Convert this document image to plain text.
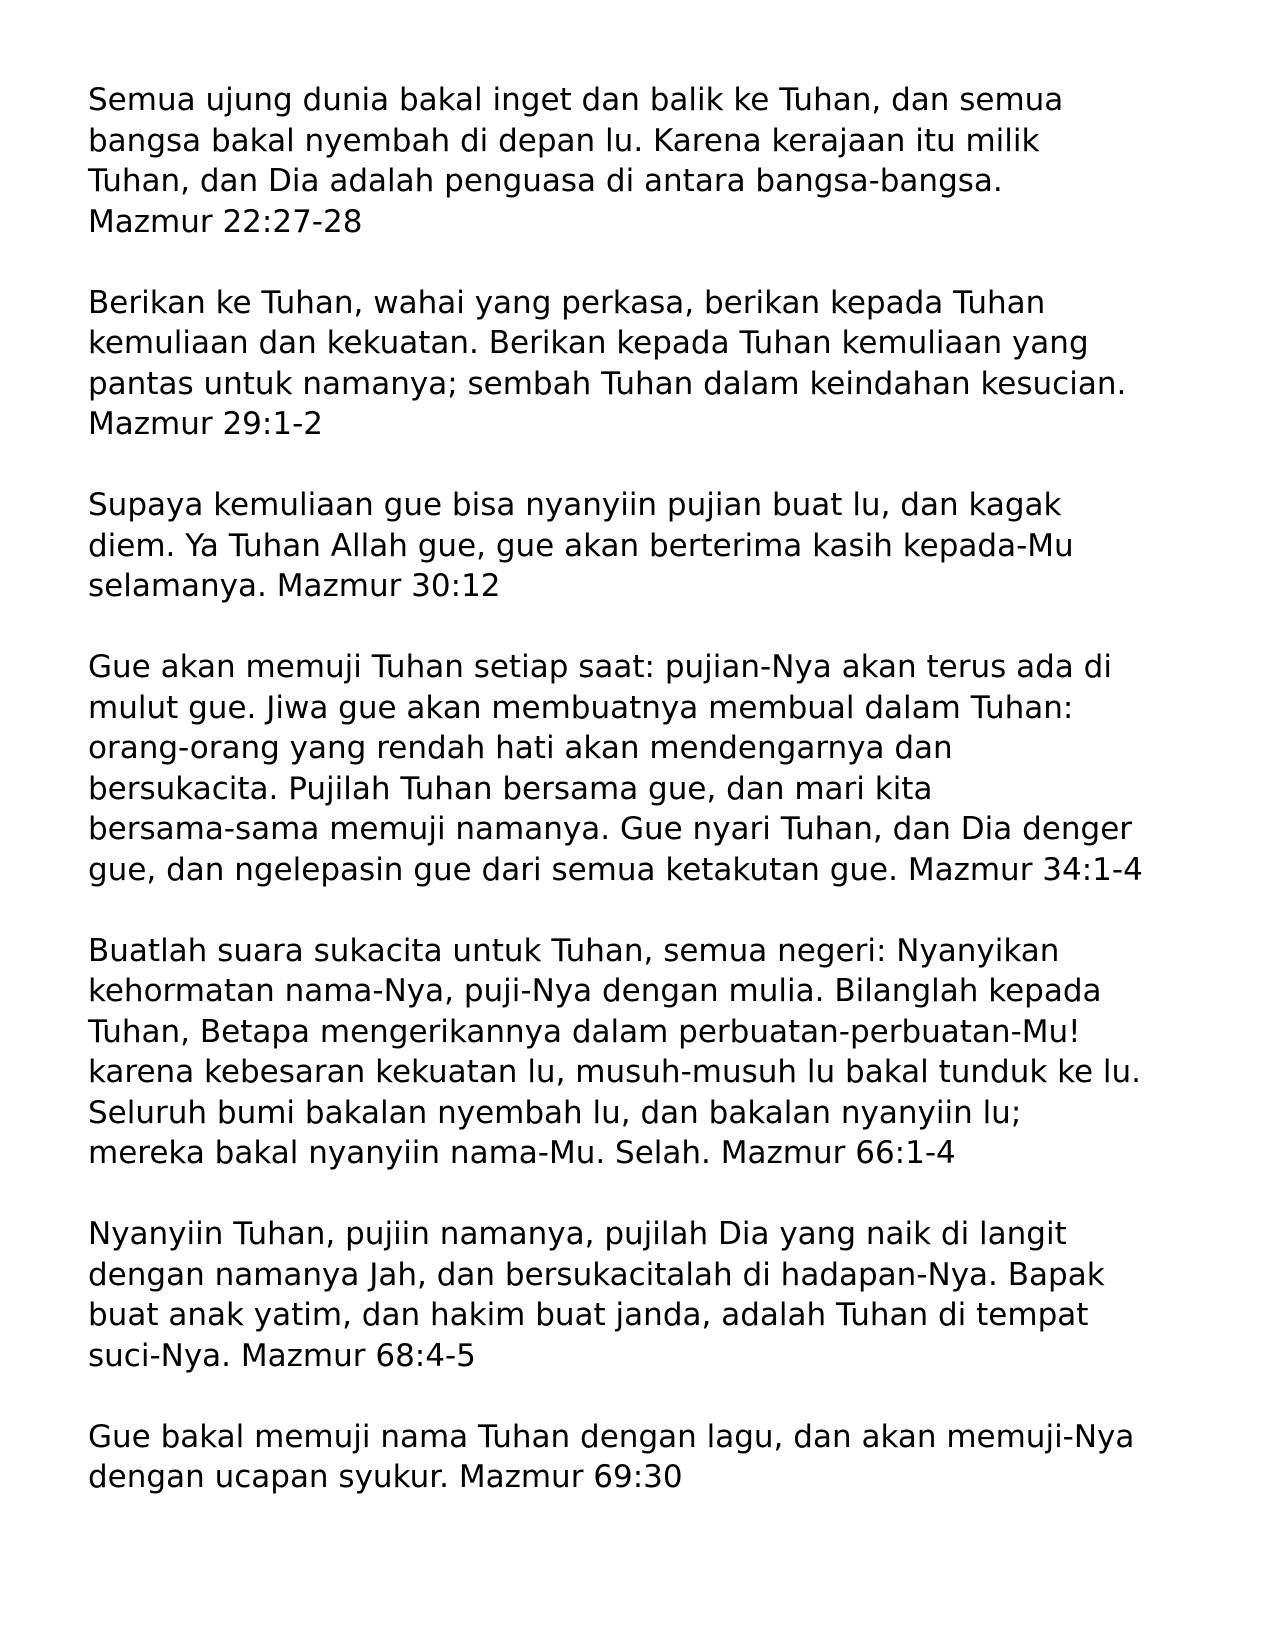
Semua ujung dunia bakal inget dan balik ke Tuhan, dan semua
bangsa bakal nyembah di depan lu. Karena kerajaan itu milik
Tuhan, dan Dia adalah penguasa di antara bangsa-bangsa.
Mazmur 22:27-28

Berikan ke Tuhan, wahai yang perkasa, berikan kepada Tuhan
kemuliaan dan kekuatan. Berikan kepada Tuhan kemuliaan yang
pantas untuk namanya; sembah Tuhan dalam keindahan kesucian.
Mazmur 29:1-2

Supaya kemuliaan gue bisa nyanyiin pujian buat lu, dan kagak
diem. Ya Tuhan Allah gue, gue akan berterima kasih kepada-Mu
selamanya. Mazmur 30:12

Gue akan memuji Tuhan setiap saat: pujian-Nya akan terus ada di
mulut gue. Jiwa gue akan membuatnya membual dalam Tuhan:
orang-orang yang rendah hati akan mendengarnya dan
bersukacita. Pujilah Tuhan bersama gue, dan mari kita
bersama-sama memuji namanya. Gue nyari Tuhan, dan Dia denger
gue, dan ngelepasin gue dari semua ketakutan gue. Mazmur 34:1-4

Buatlah suara sukacita untuk Tuhan, semua negeri: Nyanyikan
kehormatan nama-Nya, puji-Nya dengan mulia. Bilanglah kepada
Tuhan, Betapa mengerikannya dalam perbuatan-perbuatan-Mu!
karena kebesaran kekuatan lu, musuh-musuh lu bakal tunduk ke lu.
Seluruh bumi bakalan nyembah lu, dan bakalan nyanyiin lu;
mereka bakal nyanyiin nama-Mu. Selah. Mazmur 66:1-4

Nyanyiin Tuhan, pujiin namanya, pujilah Dia yang naik di langit
dengan namanya Jah, dan bersukacitalah di hadapan-Nya. Bapak
buat anak yatim, dan hakim buat janda, adalah Tuhan di tempat
suci-Nya. Mazmur 68:4-5

Gue bakal memuji nama Tuhan dengan lagu, dan akan memuji-Nya
dengan ucapan syukur. Mazmur 69:30
